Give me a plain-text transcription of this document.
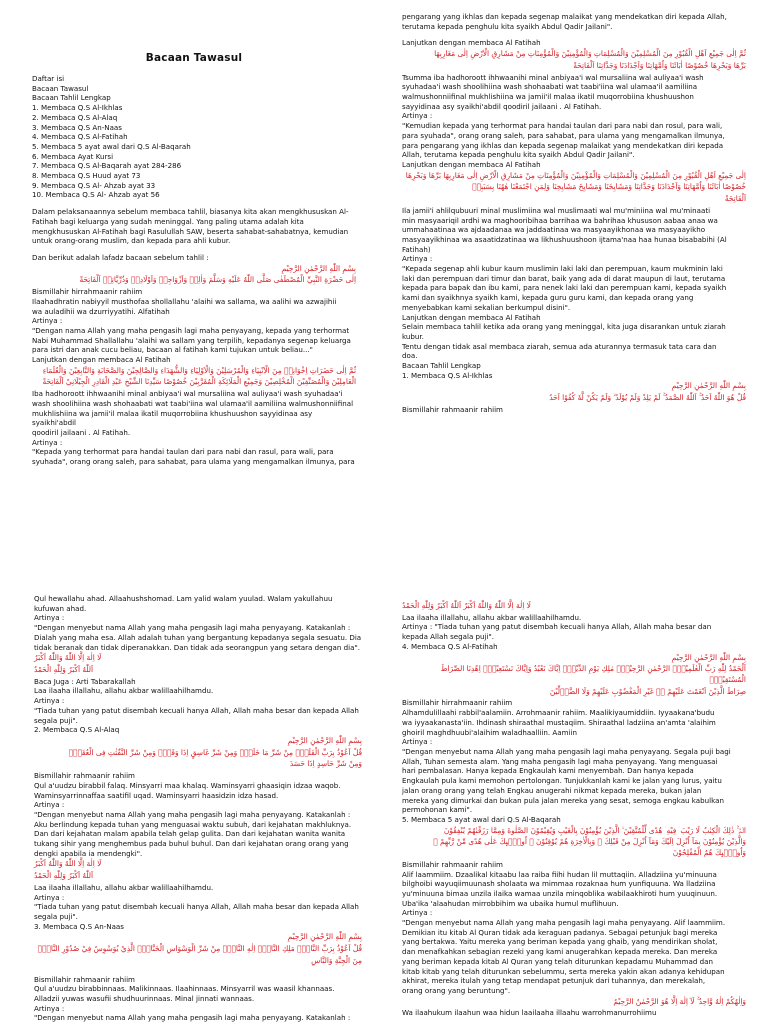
Bacaan Tawasul

Daftar isi

Bacaan Tawasul

Bacaan Tahlil Lengkap

1. Membaca Q.S Al-Ikhlas

2. Membaca Q.S Al-Alaq

3. Membaca Q.S An-Naas

4. Membaca Q.S Al-Fatihah

5. Membaca 5 ayat awal dari Q.S Al-Baqarah

6. Membaca Ayat Kursi

7. Membaca Q.S Al-Baqarah ayat 284-286

8. Membaca Q.S Huud ayat 73

9. Membaca Q.S Al- Ahzab ayat 33

10. Membaca Q.S Al- Ahzab ayat 56

Dalam pelaksanaannya sebelum membaca tahlil, biasanya kita akan mengkhususkan Al-

Fatihah bagi keluarga yang sudah meninggal. Yang paling utama adalah kita

mengkhususkan Al-Fatihah bagi Rasulullah SAW, beserta sahabat-sahabatnya, kemudian

untuk orang-orang muslim, dan kepada para ahli kubur.

Dan berikut adalah lafadz bacaan sebelum tahlil :

بِسْمِ اللّٰهِ الرَّحْمٰنِ الرَّحِيْمِ

اِلٰى حَضْرَةِ النَّبِيِّ الْمُصْطَفٰى صَلَّى اللّٰهُ عَلَيْهِ وَسَلَّمَ وَاٰلِهٖ وَاَزْوَاجِهٖ وَاَوْلَادِهٖ وَذُرِّيَّاتِهٖ اَلْفَاتِحَةْ

Bismillahir hirrahmaanir rahiim

Ilaahadhratin nabiyyil musthofaa shollallahu 'alaihi wa sallama, wa aalihi wa azwajihii

wa auladihii wa dzurriyyatihi. Alfatihah

Artinya :

"Dengan nama Allah yang maha pengasih lagi maha penyayang, kepada yang terhormat

Nabi Muhammad Shallallahu 'alaihi wa sallam yang terpilih, kepadanya segenap keluarga

para istri dan anak cucu beliau, bacaan al fatihah kami tujukan untuk beliau..."

Lanjutkan dengan membaca Al Fatihah

ثُمَّ اِلٰى حَضَرَاتِ اِخْوَانِهٖ مِنَ الْاَنْبِيَاءِ وَالْمُرْسَلِيْنَ وَالْاَوْلِيَاءِ وَالشُّهَدَاءِ وَالصَّالِحِيْنَ وَالصَّحَابَةِ وَالتَّابِعِيْنَ وَالْعُلَمَاءِ

الْعَامِلِيْنَ وَالْمُصَنِّفِيْنَ الْمُخْلِصِيْنَ وَجَمِيْعِ الْمَلَائِكَةِ الْمُقَرَّبِيْنَ خُصُوْصًا سَيِّدِنَا الشَّيْخِ عَبْدِ الْقَادِرِ الْجِيْلَانِيْ اَلْفَاتِحَةْ

Iba hadhoroott ihhwaanihi minal anbiyaa'i wal mursaliina wal auliyaa'i wash syuhadaa'i

wash shoolihiina wash shohaabati wat taabi'iina wal ulamaa'il aamiliina walmushonniifinal

mukhlishiina wa jamii'il malaa ikatil muqorrobiina khushuushon sayyidinaa asy syaikhi'abdil

qoodiril jailaani . Al Fatihah.

Artinya :

"Kepada yang terhormat para handai taulan dari para nabi dan rasul, para wali, para

syuhada", orang orang saleh, para sahabat, para ulama yang mengamalkan ilmunya, para

pengarang yang ikhlas dan kepada segenap malaikat yang mendekatkan diri kepada Allah,

terutama kepada penghulu kita syaikh Abdul Qadir Jailani".

Lanjutkan dengan membaca Al Fatihah

ثُمَّ اِلٰى جَمِيْعِ اَهْلِ الْقُبُوْرِ مِنَ الْمُسْلِمِيْنَ وَالْمُسْلِمَاتِ وَالْمُؤْمِنِيْنَ وَالْمُؤْمِنَاتِ مِنْ مَشَارِقِ الْاَرْضِ اِلٰى مَغَارِبِهَا

بَرِّهَا وَبَحْرِهَا خُصُوْصًا اٰبَائَنَا وَاُمَّهَاتِنَا وَاَجْدَادَنَا وَجَدَّاتِنَا اَلْفَاتِحَةْ

Tsumma iba hadhoroott ihhwaanihi minal anbiyaa'i wal mursaliina wal auliyaa'i wash

syuhadaa'i wash shoolihiina wash shohaabati wat taabi'iina wal ulamaa'il aamiliina

walmushonniifinal mukhlishiina wa jamii'il malaa ikatil muqorrobiina khushuushon

sayyidinaa asy syaikhi'abdil qoodiril jailaani . Al Fatihah.

Artinya :

"Kemudian kepada yang terhormat para handai taulan dari para nabi dan rosul, para wali,

para syuhada", orang orang saleh, para sahabat, para ulama yang mengamalkan ilmunya,

para pengarang yang ikhlas dan kepada segenap malaikat yang mendekatkan diri kepada

Allah, terutama kepada penghulu kita syaikh Abdul Qadir Jailani".

Lanjutkan dengan membaca Al Fatihah

اِلٰى جَمِيْعِ اَهْلِ الْقُبُوْرِ مِنَ الْمُسْلِمِيْنَ وَالْمُسْلِمَاتِ وَالْمُؤْمِنِيْنَ وَالْمُؤْمِنَاتِ مِنْ مَشَارِقِ الْاَرْضِ اِلٰى مَغَارِبِهَا بَرِّهَا وَبَحْرِهَا

خُصُوْصًا اٰبَائَنَا وَاُمَّهَاتِنَا وَاَجْدَادَنَا وَجَدَّاتِنَا وَمَشَايِخَنَا وَمَشَايِخَ مَشَايِخِنَا وَلِمَنِ اجْتَمَعْنَا هٰهُنَا بِسَبَبِهٖ

اَلْفَاتِحَةْ

Ila jamii'i ahlilqubuuri minal muslimiina wal muslimaati wal mu'miniina wal mu'minaati

min masyaariqil ardhi wa maghooribihaa barrihaa wa bahrihaa khususon aabaa anaa wa

ummahaatinaa wa ajdaadanaa wa jaddaatinaa wa masyaayikhonaa wa masyaayikho

masyaayikhinaa wa asaatidzatinaa wa likhushuushoon ijtama'naa haa hunaa bisababihi (Al Fatihah)

Artinya :

"Kepada segenap ahli kubur kaum muslimin laki laki dan perempuan, kaum mukminin laki

laki dan perempuan dari timur dan barat, baik yang ada di darat maupun di laut, terutama

kepada para bapak dan ibu kami, para nenek laki laki dan perempuan kami, kepada syaikh

kami dan syaikhnya syaikh kami, kepada guru guru kami, dan kepada orang yang

menyebabkan kami sekalian berkumpul disini".

Lanjutkan dengan membaca Al Fatihah

Selain membaca tahlil ketika ada orang yang meninggal, kita juga disarankan untuk ziarah

kubur.

Tentu dengan tidak asal membaca ziarah, semua ada aturannya termasuk tata cara dan

doa.

Bacaan Tahlil Lengkap

1. Membaca Q.S Al-Ikhlas

بِسْمِ اللّٰهِ الرَّحْمٰنِ الرَّحِيْمِ

قُلْ هُوَ اللّٰهُ اَحَدٌ ۚ اَللّٰهُ الصَّمَدُ ۚ لَمْ يَلِدْ وَلَمْ يُوْلَدْ ۙ وَلَمْ يَكُنْ لَّهٗ كُفُوًا اَحَدٌ

Bismillahir rahmaanir rahiim

Qul hewallahu ahad. Allaahushshomad. Lam yalid walam yuulad. Walam yakullahuu

kufuwan ahad.

Artinya :

"Dengan menyebut nama Allah yang maha pengasih lagi maha penyayang. Katakanlah :

Dialah yang maha esa. Allah adalah tuhan yang bergantung kepadanya segala sesuatu. Dia

tidak beranak dan tidak diperanakkan. Dan tidak ada seorangpun yang setara dengan dia".

لَا اِلٰهَ اِلَّا اللّٰهُ وَاللّٰهُ اَكْبَرُ

اَللّٰهُ اَكْبَرُ وَلِلّٰهِ الْحَمْدُ

Baca Juga : Arti Tabarakallah

Laa ilaaha illallahu, allahu akbar walillaahilhamdu.

Artinya :

"Tiada tuhan yang patut disembah kecuali hanya Allah, Allah maha besar dan kepada Allah

segala puji".

2. Membaca Q.S Al-Alaq

بِسْمِ اللّٰهِ الرَّحْمٰنِ الرَّحِيْمِ

قُلْ اَعُوْذُ بِرَبِّ الْفَلَقِۙ مِنْ شَرِّ مَا خَلَقَۙ وَمِنْ شَرِّ غَاسِقٍ اِذَا وَقَبَۙ وَمِنْ شَرِّ النَّفّٰثٰتِ فِى الْعُقَدِۙ

وَمِنْ شَرِّ حَاسِدٍ اِذَا حَسَدَ

Bismillahir rahmaanir rahiim

Qul a'uudzu birabbil falaq. Minsyarri maa khalaq. Waminsyarri ghaasiqin idzaa waqob.

Waminsyarrinnaffaa saatifil uqad. Waminsyarri haasidzin idza hasad.

Artinya :

"Dengan menyebut nama Allah yang maha pengasih lagi maha penyayang. Katakanlah :

Aku berlindung kepada tuhan yang menguasai waktu subuh, dari kejahatan makhluknya.

Dan dari kejahatan malam apabila telah gelap gulita. Dan dari kejahatan wanita wanita

tukang sihir yang menghembus pada buhul buhul. Dan dari kejahatan orang orang yang

dengki apabila ia mendengki".

لَا اِلٰهَ اِلَّا اللّٰهُ وَاللّٰهُ اَكْبَرُ

اَللّٰهُ اَكْبَرُ وَلِلّٰهِ الْحَمْدُ

Laa ilaaha illallahu, allahu akbar walillaahilhamdu.

Artinya :

"Tiada tuhan yang patut disembah kecuali hanya Allah, Allah maha besar dan kepada Allah

segala puji".

3. Membaca Q.S An-Naas

بِسْمِ اللّٰهِ الرَّحْمٰنِ الرَّحِيْمِ

قُلْ اَعُوْذُ بِرَبِّ النَّاسِۙ مَلِكِ النَّاسِۙ اِلٰهِ النَّاسِۙ مِنْ شَرِّ الْوَسْوَاسِ الْخَنَّاسِۖ الَّذِيْ يُوَسْوِسُ فِيْ صُدُوْرِ النَّاسِۙ

مِنَ الْجِنَّةِ وَالنَّاسِ

Bismillahir rahmaanir rahiim

Qul a'uudzu birabbinnaas. Malikinnaas. Ilaahinnaas. Minsyarril was waasil khannaas.

Alladzii yuwas wasufii shudhuurinnaas. Minal jinnati wannaas.

Artinya :

"Dengan menyebut nama Allah yang maha pengasih lagi maha penyayang. Katakanlah :

لَا اِلٰهَ اِلَّا اللّٰهُ وَاللّٰهُ اَكْبَرُ اَللّٰهُ اَكْبَرُ وَلِلّٰهِ الْحَمْدُ

Laa ilaaha illallahu, allahu akbar walillaahilhamdu.

Artinya : "Tiada tuhan yang patut disembah kecuali hanya Allah, Allah maha besar dan

kepada Allah segala puji".

4. Membaca Q.S Al-Fatihah

بِسْمِ اللّٰهِ الرَّحْمٰنِ الرَّحِيْمِ

اَلْحَمْدُ لِلّٰهِ رَبِّ الْعٰلَمِيْنَۙ الرَّحْمٰنِ الرَّحِيْمِۙ مٰلِكِ يَوْمِ الدِّيْنِۗ اِيَّاكَ نَعْبُدُ وَاِيَّاكَ نَسْتَعِيْنُۗ اِهْدِنَا الصِّرَاطَ الْمُسْتَقِيْمَۙ

صِرَاطَ الَّذِيْنَ اَنْعَمْتَ عَلَيْهِمْ ەۙ غَيْرِ الْمَغْضُوْبِ عَلَيْهِمْ وَلَا الضَّاۤلِّيْنَ

Bismillahir hirrahmaanir rahiim

Alhamdulillaahi rabbil'aalamiin. Arrohmaanir rahiim. Maalikiyaumiddiin. Iyyaakana'budu

wa iyyaakanasta'iin. Ihdinash shiraathal mustaqiim. Shiraathal ladziina an'amta 'alaihim

ghoiril maghdhuubi'alaihim waladhaalliin. Aamiin

Artinya :

"Dengan menyebut nama Allah yang maha pengasih lagi maha penyayang. Segala puji bagi

Allah, Tuhan semesta alam. Yang maha pengasih lagi maha penyayang. Yang menguasai

hari pembalasan. Hanya kepada Engkaulah kami menyembah. Dan hanya kepada

Engkaulah pula kami memohon pertolongan. Tunjukkanlah kami ke jalan yang lurus, yaitu

jalan orang orang yang telah Engkau anugerahi nikmat kepada mereka, bukan jalan

mereka yang dimurkai dan bukan pula jalan mereka yang sesat, semoga engkau kabulkan

permohonan kami".

5. Membaca 5 ayat awal dari Q.S Al-Baqarah

الۤمّۤ ۚ ذٰلِكَ الْكِتٰبُ لَا رَيْبَ ۛ فِيْهِ ۛ هُدًى لِّلْمُتَّقِيْنَ ۙ الَّذِيْنَ يُؤْمِنُوْنَ بِالْغَيْبِ وَيُقِيْمُوْنَ الصَّلٰوةَ وَمِمَّا رَزَقْنٰهُمْ يُنْفِقُوْنَ

وَالَّذِيْنَ يُؤْمِنُوْنَ بِمَآ اُنْزِلَ اِلَيْكَ وَمَآ اُنْزِلَ مِنْ قَبْلِكَ ۚ وَبِالْاٰخِرَةِ هُمْ يُوْقِنُوْنَ ۗ اُولٰۤىِٕكَ عَلٰى هُدًى مِّنْ رَّبِّهِمْ ۙ وَاُولٰۤىِٕكَ هُمُ الْمُفْلِحُوْنَ

Bismillahir rahmaanir rahiim

Alif laammiim. Dzaalikal kitaabu laa raiba fiihi hudan lil muttaqiin. Alladziina yu'minuuna

bilghoibi wayuqiimuunash sholaata wa mimmaa rozaknaa hum yunfiquuna. Wa lladziina

yu'minuuna bimaa unzila ilaika wamaa unzila minqoblika wabilaakhiroti hum yuuqinuun.

Uba'ika 'alaahudan mirrobbihim wa ubaika humul muflihuun.

Artinya :

"Dengan menyebut nama Allah yang maha pengasih lagi maha penyayang. Alif laammiim.

Demikian itu kitab Al Quran tidak ada keraguan padanya. Sebagai petunjuk bagi mereka

yang bertakwa. Yaitu mereka yang beriman kepada yang ghaib, yang mendirikan sholat,

dan menafkahkan sebagian rezeki yang kami anugerahkan kepada mereka. Dan mereka

yang beriman kepada kitab Al Quran yang telah diturunkan kepadamu Muhammad dan

kitab kitab yang telah diturunkan sebelummu, serta mereka yakin akan adanya kehidupan

akhirat, mereka itulah yang tetap mendapat petunjuk dari tuhannya, dan merekalah,

orang orang yang beruntung".

وَاِلٰهُكُمْ اِلٰهٌ وَّاحِدٌ ۚ لَآ اِلٰهَ اِلَّا هُوَ الرَّحْمٰنُ الرَّحِيْمُ

Wa ilaahukum ilaahun waa hidun laailaaha illaahu warrohmanurrohiimu
